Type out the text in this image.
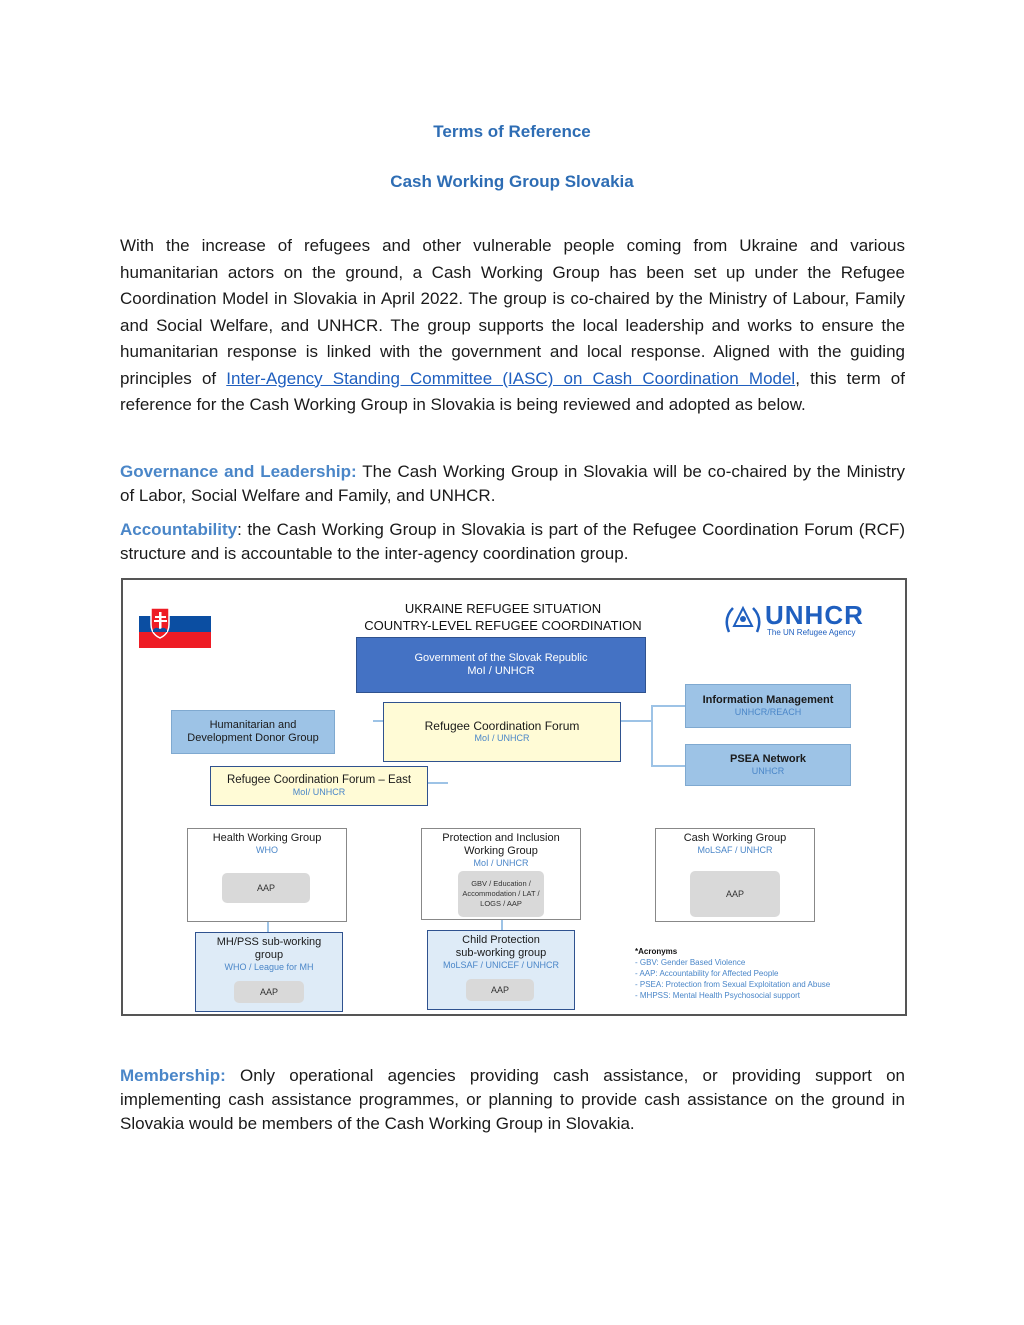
Terms of Reference
Cash Working Group Slovakia

With the increase of refugees and other vulnerable people coming from Ukraine and various humanitarian actors on the ground, a Cash Working Group has been set up under the Refugee Coordination Model in Slovakia in April 2022. The group is co-chaired by the Ministry of Labour, Family and Social Welfare, and UNHCR. The group supports the local leadership and works to ensure the humanitarian response is linked with the government and local response. Aligned with the guiding principles of Inter-Agency Standing Committee (IASC) on Cash Coordination Model, this term of reference for the Cash Working Group in Slovakia is being reviewed and adopted as below.

Governance and Leadership: The Cash Working Group in Slovakia will be co-chaired by the Ministry of Labor, Social Welfare and Family, and UNHCR.

Accountability: the Cash Working Group in Slovakia is part of the Refugee Coordination Forum (RCF) structure and is accountable to the inter-agency coordination group.

UKRAINE REFUGEE SITUATION
COUNTRY-LEVEL REFUGEE COORDINATION	UNHCR
The UN Refugee Agency
Government of the Slovak Republic
MoI / UNHCR
Humanitarian and
Development Donor Group
Refugee Coordination Forum
MoI / UNHCR
Information Management
UNHCR/REACH
PSEA Network
UNHCR
Refugee Coordination Forum – East
MoI/ UNHCR
Health Working Group
WHO
AAP
Protection and Inclusion
Working Group
MoI / UNHCR
GBV / Education / Accommodation / LAT / LOGS / AAP
Cash Working Group
MoLSAF / UNHCR
AAP
MH/PSS sub-working
group
WHO / League for MH
AAP
Child Protection
sub-working group
MoLSAF / UNICEF / UNHCR
AAP
*Acronyms
- GBV: Gender Based Violence
- AAP: Accountability for Affected People
- PSEA: Protection from Sexual Exploitation and Abuse
- MHPSS: Mental Health Psychosocial support

Membership: Only operational agencies providing cash assistance, or providing support on implementing cash assistance programmes, or planning to provide cash assistance on the ground in Slovakia would be members of the Cash Working Group in Slovakia.
